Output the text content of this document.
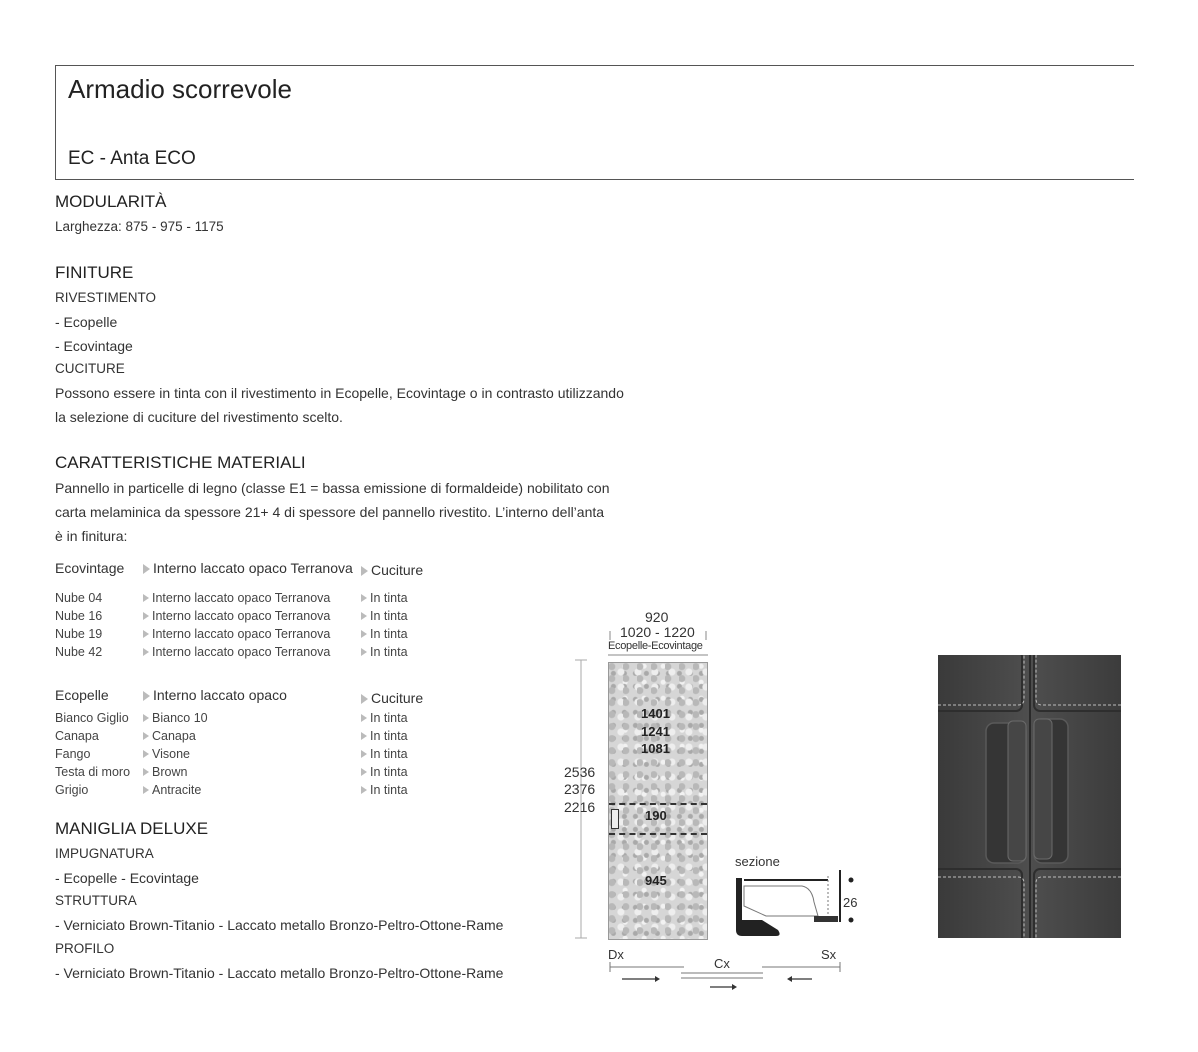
Armadio scorrevole
EC - Anta ECO
MODULARITÀ
Larghezza: 875 - 975 - 1175
FINITURE
RIVESTIMENTO
- Ecopelle
- Ecovintage
CUCITURE
Possono essere in tinta con il rivestimento in Ecopelle, Ecovintage o in contrasto utilizzando
la selezione di cuciture del rivestimento scelto.
CARATTERISTICHE MATERIALI
Pannello in particelle di legno (classe E1 = bassa emissione di formaldeide) nobilitato con
carta melaminica da spessore 21+ 4 di spessore del pannello rivestito. L’interno dell’anta
è in finitura:
Ecovintage	Interno laccato opaco Terranova	Cuciture
Nube 04	Interno laccato opaco Terranova	In tinta
Nube 16	Interno laccato opaco Terranova	In tinta
Nube 19	Interno laccato opaco Terranova	In tinta
Nube 42	Interno laccato opaco Terranova	In tinta
Ecopelle	Interno laccato opaco	Cuciture
Bianco Giglio	Bianco 10	In tinta
Canapa	Canapa	In tinta
Fango	Visone	In tinta
Testa di moro	Brown	In tinta
Grigio	Antracite	In tinta
MANIGLIA DELUXE
IMPUGNATURA
- Ecopelle - Ecovintage
STRUTTURA
- Verniciato Brown-Titanio - Laccato metallo Bronzo-Peltro-Ottone-Rame
PROFILO
- Verniciato Brown-Titanio - Laccato metallo Bronzo-Peltro-Ottone-Rame
920
1020 - 1220
Ecopelle-Ecovintage
2536
2376
2216
1401
1241
1081
190
945
sezione
26
Dx
Cx
Sx
